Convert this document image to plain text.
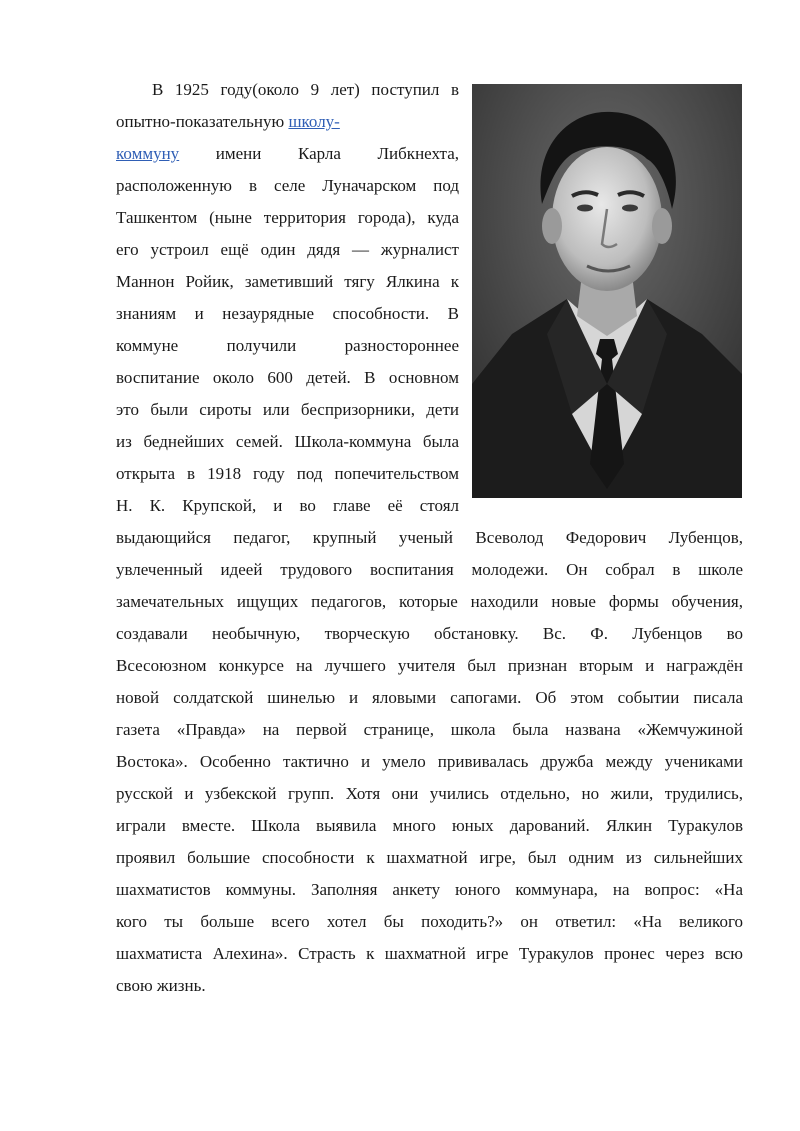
В 1925 году(около 9 лет) поступил в
опытно-показательную школу-
коммуну имени Карла Либкнехта,
расположенную в селе Луначарском под
Ташкентом (ныне территория города), куда
его устроил ещё один дядя — журналист
Маннон Ройик, заметивший тягу Ялкина к
знаниям и незаурядные способности. В
коммуне получили разностороннее
воспитание около 600 детей. В основном
это были сироты или беспризорники, дети
из беднейших семей. Школа-коммуна была
открыта в 1918 году под попечительством
Н. К. Крупской, и во главе её стоял
выдающийся педагог, крупный ученый Всеволод Федорович Лубенцов,
увлеченный идеей трудового воспитания молодежи. Он собрал в школе
замечательных ищущих педагогов, которые находили новые формы обучения,
создавали необычную, творческую обстановку. Вс. Ф. Лубенцов во
Всесоюзном конкурсе на лучшего учителя был признан вторым и награждён
новой солдатской шинелью и яловыми сапогами. Об этом событии писала
газета «Правда» на первой странице, школа была названа «Жемчужиной
Востока». Особенно тактично и умело прививалась дружба между учениками
русской и узбекской групп. Хотя они учились отдельно, но жили, трудились,
играли вместе. Школа выявила много юных дарований. Ялкин Туракулов
проявил большие способности к шахматной игре, был одним из сильнейших
шахматистов коммуны. Заполняя анкету юного коммунара, на вопрос: «На
кого ты больше всего хотел бы походить?» он ответил: «На великого
шахматиста Алехина». Страсть к шахматной игре Туракулов пронес через всю
свою жизнь.
